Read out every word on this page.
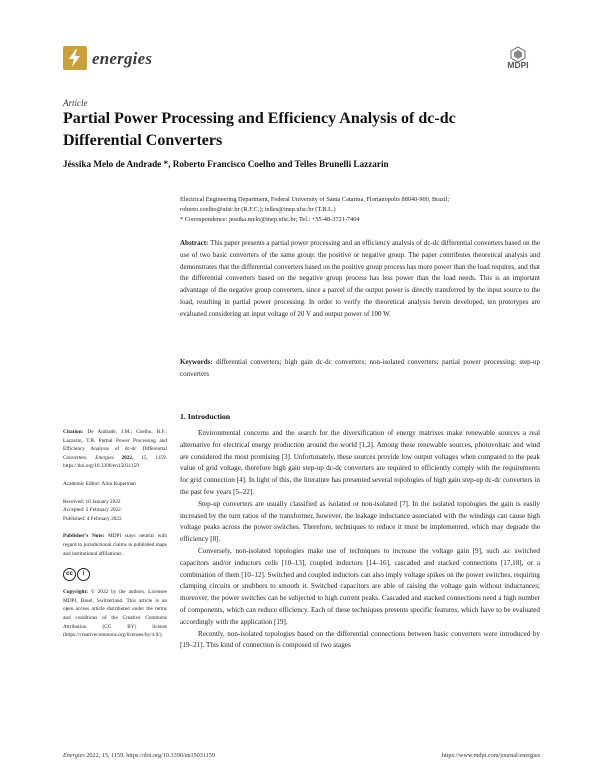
energies	MDPI
Article
Partial Power Processing and Efficiency Analysis of dc-dc Differential Converters
Jéssika Melo de Andrade *, Roberto Francisco Coelho and Telles Brunelli Lazzarin
Electrical Engineering Department, Federal University of Santa Catarina, Florianopolis 88040-900, Brazil;
roberto.coelho@ufsc.br (R.F.C.); telles@inep.ufsc.br (T.B.L.)
* Correspondence: jessika.melo@inep.ufsc.br; Tel.: +55-48-3721-7464
Abstract: This paper presents a partial power processing and an efficiency analysis of dc-dc differential converters based on the use of two basic converters of the same group: the positive or negative group. The paper contributes theoretical analysis and demonstrates that the differential converters based on the positive group process has more power than the load requires, and that the differential converters based on the negative group process has less power than the load needs. This is an important advantage of the negative group converters, since a parcel of the output power is directly transferred by the input source to the load, resulting in partial power processing. In order to verify the theoretical analysis herein developed, ten prototypes are evaluated considering an input voltage of 20 V and output power of 100 W.
Keywords: differential converters; high gain dc-dc converters; non-isolated converters; partial power processing; step-up converters

Citation: De Andrade, J.M.; Coelho, R.F.; Lazzarin, T.B. Partial Power Processing and Efficiency Analysis of dc-dc Differential Converters. Energies 2022, 15, 1159. https://doi.org/10.3390/en15031159

Academic Editor: Alon Kuperman

Received: 10 January 2022

Accepted: 2 February 2022

Published: 4 February 2022

Publisher's Note: MDPI stays neutral with regard to jurisdictional claims in published maps and institutional affiliations.

cc	i

Copyright: © 2022 by the authors. Licensee MDPI, Basel, Switzerland. This article is an open access article distributed under the terms and conditions of the Creative Commons Attribution (CC BY) license (https://creativecommons.org/licenses/by/4.0/).

1. Introduction

Environmental concerns and the search for the diversification of energy matrixes make renewable sources a real alternative for electrical energy production around the world [1,2]. Among these renewable sources, photovoltaic and wind are considered the most promising [3]. Unfortunately, these sources provide low output voltages when compared to the peak value of grid voltage, therefore high gain step-up dc-dc converters are required to efficiently comply with the requirements for grid connection [4]. In light of this, the literature has presented several topologies of high gain step-up dc-dc converters in the past few years [5–22].

Step-up converters are usually classified as isolated or non-isolated [7]. In the isolated topologies the gain is easily increased by the turn ratios of the transformer, however, the leakage inductance associated with the windings can cause high voltage peaks across the power switches. Therefore, techniques to reduce it must be implemented, which may degrade the efficiency [8].

Conversely, non-isolated topologies make use of techniques to increase the voltage gain [9], such as: switched capacitors and/or inductors cells [10–13], coupled inductors [14–16], cascaded and stacked connections [17,18], or a combination of them [10–12]. Switched and coupled inductors can also imply voltage spikes on the power switches, requiring clamping circuits or snubbers to smooth it. Switched capacitors are able of raising the voltage gain without inductances; moreover, the power switches can be subjected to high current peaks. Cascaded and stacked connections need a high number of components, which can reduce efficiency. Each of these techniques presents specific features, which have to be evaluated accordingly with the application [19].

Recently, non-isolated topologies based on the differential connections between basic converters were introduced by [19–21]. This kind of connection is composed of two stages

Energies 2022, 15, 1159. https://doi.org/10.3390/en15031159	https://www.mdpi.com/journal/energies
